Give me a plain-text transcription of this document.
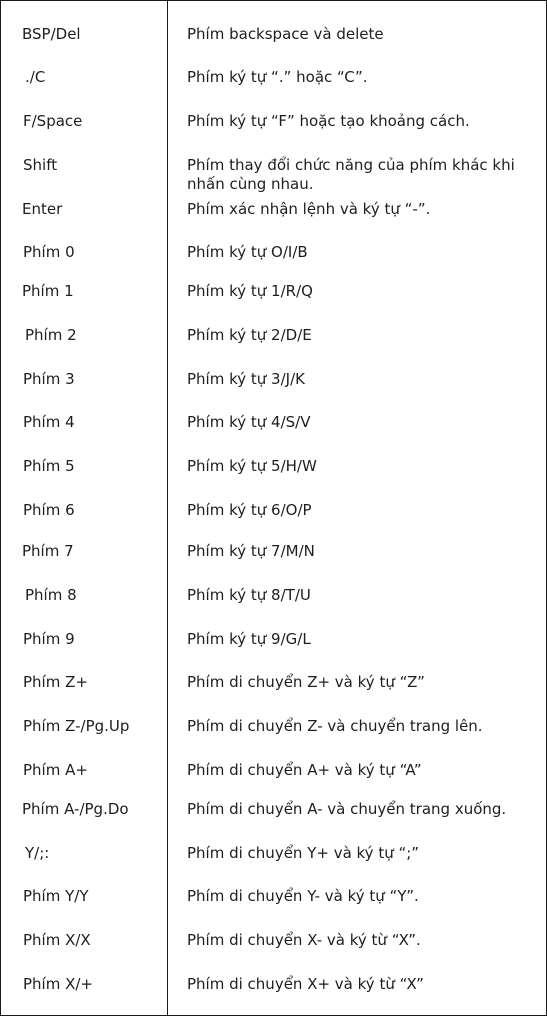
BSP/Del	Phím backspace và delete
./C	Phím ký tự “.” hoặc “C”.
F/Space	Phím ký tự “F” hoặc tạo khoảng cách.
Shift	Phím thay đổi chức năng của phím khác khi nhấn cùng nhau.
Enter	Phím xác nhận lệnh và ký tự “-”.
Phím 0	Phím ký tự O/I/B
Phím 1	Phím ký tự 1/R/Q
Phím 2	Phím ký tự 2/D/E
Phím 3	Phím ký tự 3/J/K
Phím 4	Phím ký tự 4/S/V
Phím 5	Phím ký tự 5/H/W
Phím 6	Phím ký tự 6/O/P
Phím 7	Phím ký tự 7/M/N
Phím 8	Phím ký tự 8/T/U
Phím 9	Phím ký tự 9/G/L
Phím Z+	Phím di chuyển Z+ và ký tự “Z”
Phím Z-/Pg.Up	Phím di chuyển Z- và chuyển trang lên.
Phím A+	Phím di chuyển A+ và ký tự “A”
Phím A-/Pg.Do	Phím di chuyển A- và chuyển trang xuống.
Y/;:	Phím di chuyển Y+ và ký tự “;”
Phím Y/Y	Phím di chuyển Y- và ký tự “Y”.
Phím X/X	Phím di chuyển X- và ký từ “X”.
Phím X/+	Phím di chuyển X+ và ký từ “X”
